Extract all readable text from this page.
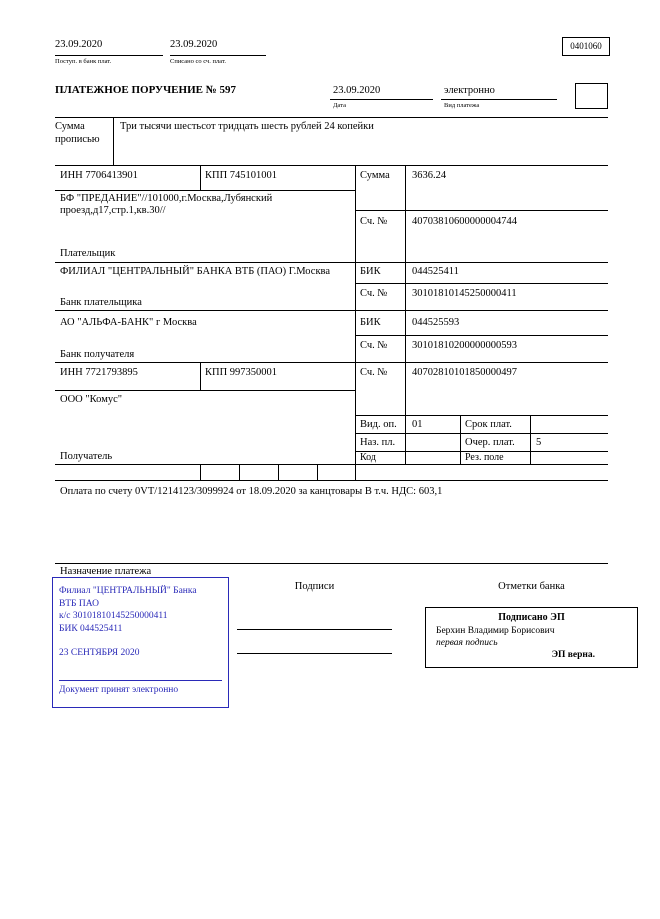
23.09.2020
Поступ. в банк плат.
23.09.2020
Списано со сч. плат.
0401060
ПЛАТЕЖНОЕ ПОРУЧЕНИЕ № 597	23.09.2020
Дата
электронно
Вид платежа
Сумма
прописью
Три тысячи шестьсот тридцать шесть рублей 24 копейки
ИНН 7706413901	КПП 745101001	Сумма 3636.24
БФ "ПРЕДАНИЕ"//101000,г.Москва,Лубянский проезд,д17,стр.1,кв.30//
Сч. № 40703810600000004744
Плательщик
ФИЛИАЛ "ЦЕНТРАЛЬНЫЙ" БАНКА ВТБ (ПАО) Г.Москва	БИК	044525411
Сч. № 30101810145250000411
Банк плательщика
АО "АЛЬФА-БАНК" г Москва	БИК	044525593
Сч. № 30101810200000000593
Банк получателя
ИНН 7721793895	КПП 997350001	Сч. № 40702810101850000497
ООО "Комус"
Получатель
Вид. оп. 01	Срок плат.
Наз. пл.	Очер. плат. 5
Код	Рез. поле
Оплата по счету 0VT/1214123/3099924 от 18.09.2020 за канцтовары В т.ч. НДС: 603,1
Назначение платежа
Подписи	Отметки банка
Филиал "ЦЕНТРАЛЬНЫЙ" Банка
ВТБ ПАО
к/с 30101810145250000411
БИК 044525411
23 СЕНТЯБРЯ 2020
Документ принят электронно
Подписано ЭП
Берхин Владимир Борисович
первая подпись
ЭП верна.
